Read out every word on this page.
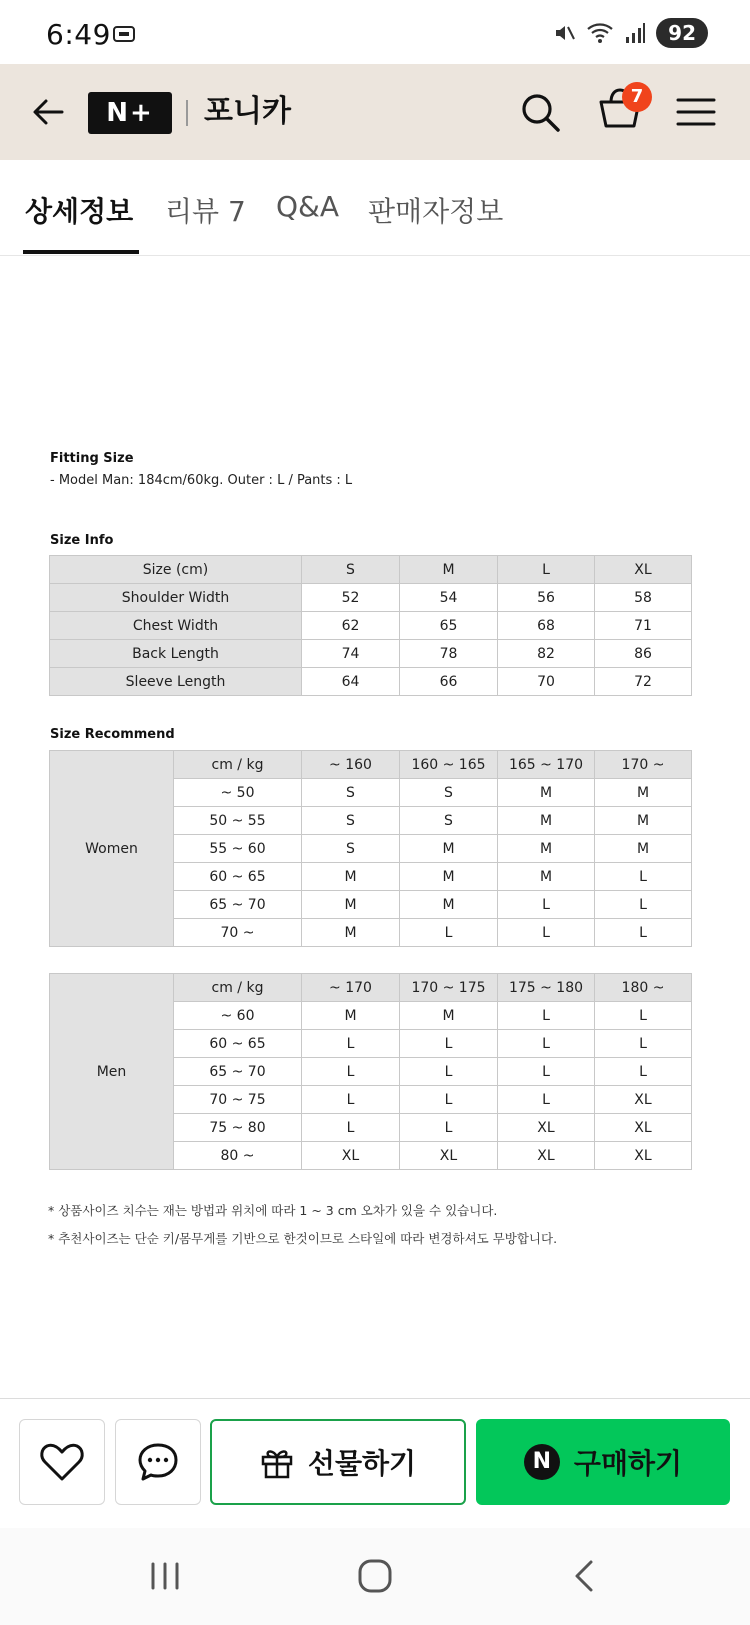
6:49	92
N+	포니카	7
상세정보 리뷰 7 Q&A 판매자정보
Fitting Size
- Model Man: 184cm/60kg. Outer : L / Pants : L
Size Info
Size (cm)	S	M	L	XL
Shoulder Width	52	54	56	58
Chest Width	62	65	68	71
Back Length	74	78	82	86
Sleeve Length	64	66	70	72
Size Recommend
Women	cm / kg	~ 160	160 ~ 165	165 ~ 170	170 ~
	~ 50	S	S	M	M
	50 ~ 55	S	S	M	M
	55 ~ 60	S	M	M	M
	60 ~ 65	M	M	M	L
	65 ~ 70	M	M	L	L
	70 ~	M	L	L	L
Men	cm / kg	~ 170	170 ~ 175	175 ~ 180	180 ~
	~ 60	M	M	L	L
	60 ~ 65	L	L	L	L
	65 ~ 70	L	L	L	L
	70 ~ 75	L	L	L	XL
	75 ~ 80	L	L	XL	XL
	80 ~	XL	XL	XL	XL
* 상품사이즈 치수는 재는 방법과 위치에 따라 1 ~ 3 cm 오차가 있을 수 있습니다.
* 추천사이즈는 단순 키/몸무게를 기반으로 한것이므로 스타일에 따라 변경하셔도 무방합니다.
선물하기	N 구매하기
